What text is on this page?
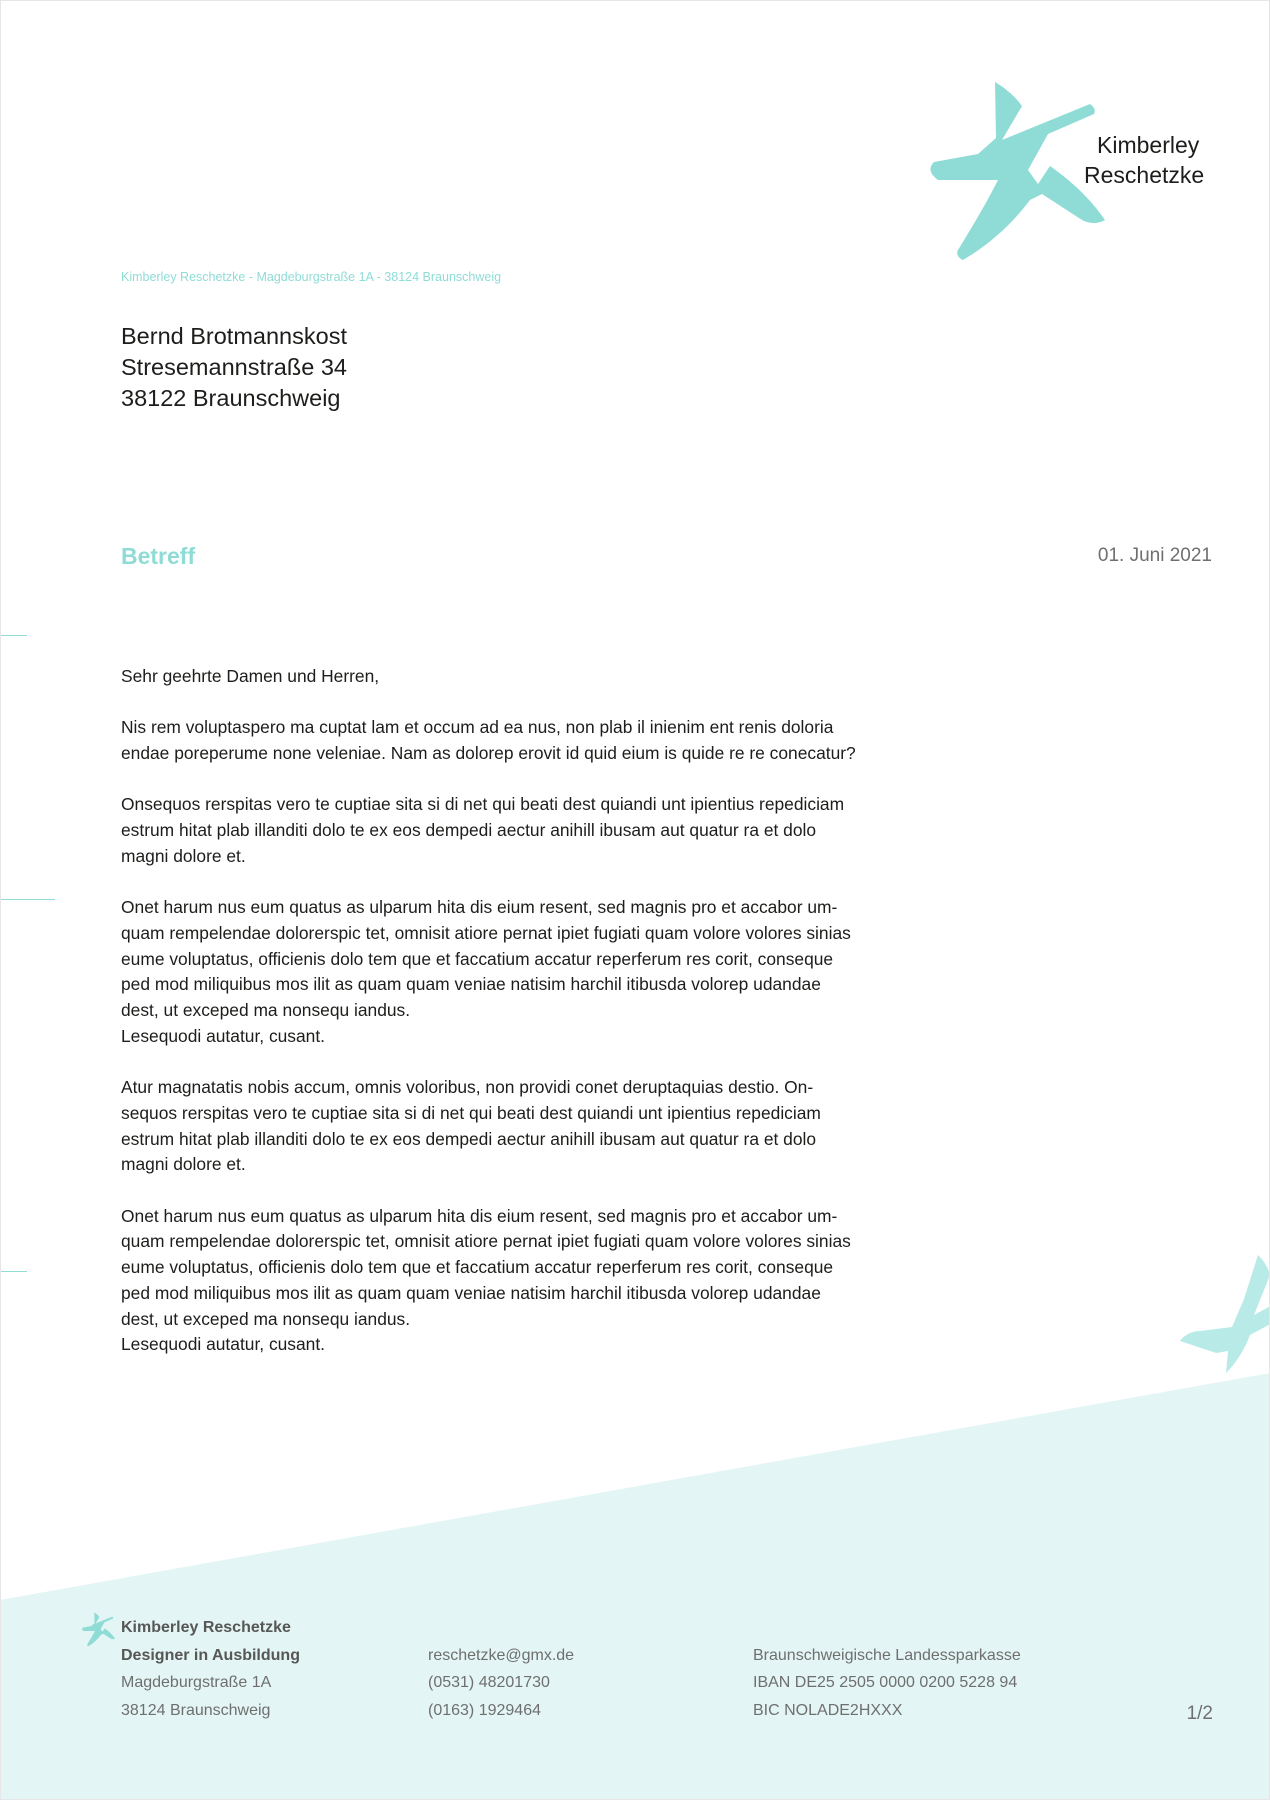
Kimberley
Reschetzke
Kimberley Reschetzke - Magdeburgstraße 1A - 38124 Braunschweig
Bernd Brotmannskost
Stresemannstraße 34
38122 Braunschweig
Betreff	01. Juni 2021

Sehr geehrte Damen und Herren,

Nis rem voluptaspero ma cuptat lam et occum ad ea nus, non plab il inienim ent renis doloria
endae poreperume none veleniae. Nam as dolorep erovit id quid eium is quide re re conecatur?

Onsequos rerspitas vero te cuptiae sita si di net qui beati dest quiandi unt ipientius repediciam
estrum hitat plab illanditi dolo te ex eos dempedi aectur anihill ibusam aut quatur ra et dolo
magni dolore et.

Onet harum nus eum quatus as ulparum hita dis eium resent, sed magnis pro et accabor um-
quam rempelendae dolorerspic tet, omnisit atiore pernat ipiet fugiati quam volore volores sinias
eume voluptatus, officienis dolo tem que et faccatium accatur reperferum res corit, conseque
ped mod miliquibus mos ilit as quam quam veniae natisim harchil itibusda volorep udandae
dest, ut exceped ma nonsequ iandus.
Lesequodi autatur, cusant.

Atur magnatatis nobis accum, omnis voloribus, non providi conet deruptaquias destio. On-
sequos rerspitas vero te cuptiae sita si di net qui beati dest quiandi unt ipientius repediciam
estrum hitat plab illanditi dolo te ex eos dempedi aectur anihill ibusam aut quatur ra et dolo
magni dolore et.

Onet harum nus eum quatus as ulparum hita dis eium resent, sed magnis pro et accabor um-
quam rempelendae dolorerspic tet, omnisit atiore pernat ipiet fugiati quam volore volores sinias
eume voluptatus, officienis dolo tem que et faccatium accatur reperferum res corit, conseque
ped mod miliquibus mos ilit as quam quam veniae natisim harchil itibusda volorep udandae
dest, ut exceped ma nonsequ iandus.
Lesequodi autatur, cusant.

Kimberley Reschetzke
Designer in Ausbildung
Magdeburgstraße 1A
38124 Braunschweig
reschetzke@gmx.de
(0531) 48201730
(0163) 1929464
Braunschweigische Landessparkasse
IBAN DE25 2505 0000 0200 5228 94
BIC NOLADE2HXXX	1/2
